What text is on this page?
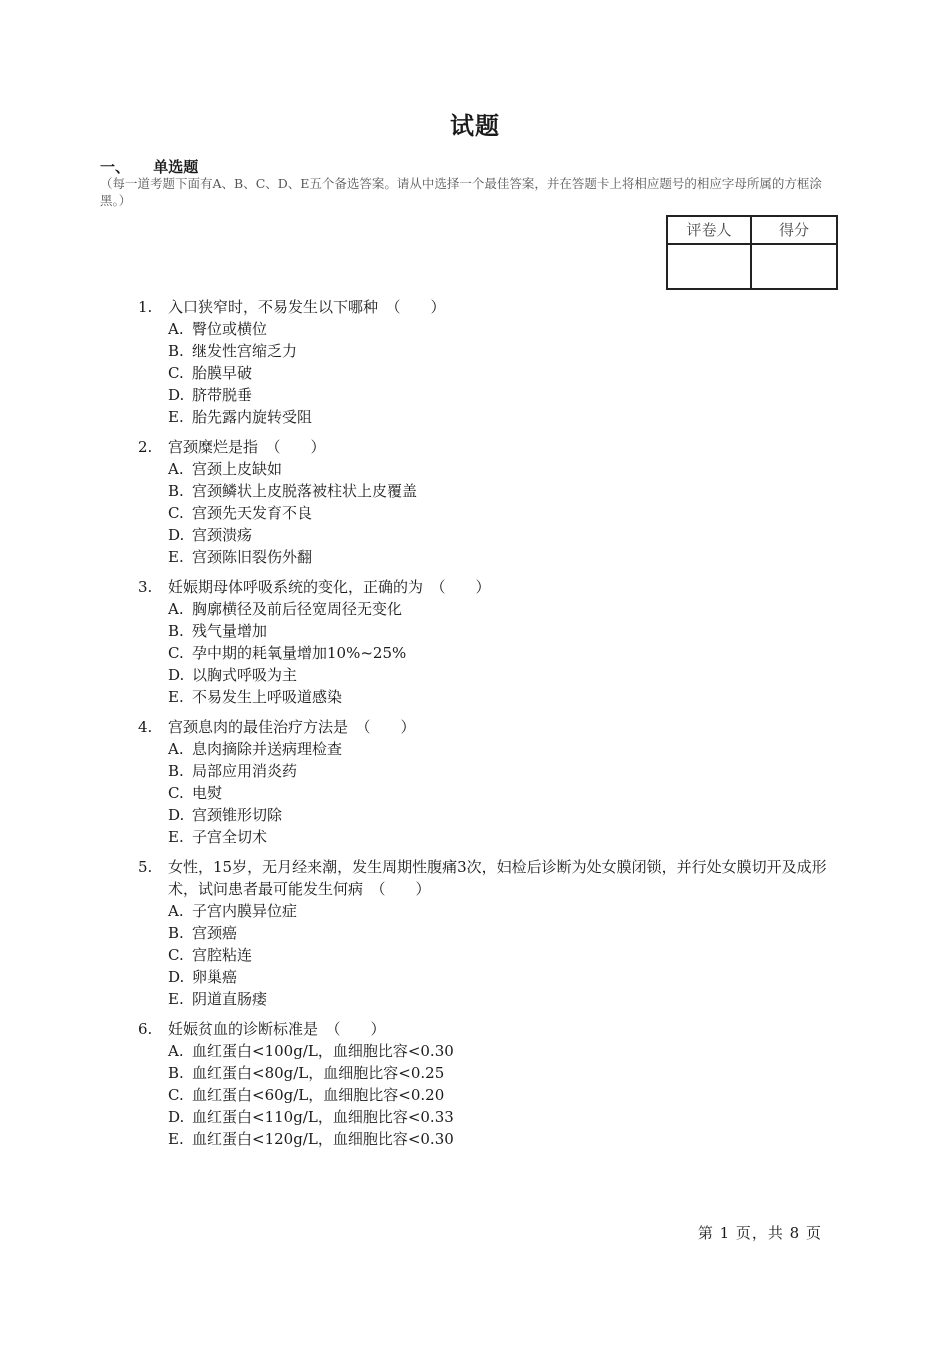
试题
一、 单选题
（每一道考题下面有A、B、C、D、E五个备选答案。请从中选择一个最佳答案，并在答题卡上将相应题号的相应字母所属的方框涂黑。）
评卷人	得分
1.	入口狭窄时，不易发生以下哪种　（　　）
A. 臀位或横位
B. 继发性宫缩乏力
C. 胎膜早破
D. 脐带脱垂
E. 胎先露内旋转受阻
2.	宫颈糜烂是指　（　　）
A. 宫颈上皮缺如
B. 宫颈鳞状上皮脱落被柱状上皮覆盖
C. 宫颈先天发育不良
D. 宫颈溃疡
E. 宫颈陈旧裂伤外翻
3.	妊娠期母体呼吸系统的变化，正确的为　（　　）
A. 胸廓横径及前后径宽周径无变化
B. 残气量增加
C. 孕中期的耗氧量增加10%~25%
D. 以胸式呼吸为主
E. 不易发生上呼吸道感染
4.	宫颈息肉的最佳治疗方法是　（　　）
A. 息肉摘除并送病理检查
B. 局部应用消炎药
C. 电熨
D. 宫颈锥形切除
E. 子宫全切术
5.	女性，15岁，无月经来潮，发生周期性腹痛3次，妇检后诊断为处女膜闭锁，并行处女膜切开及成形术，试问患者最可能发生何病　（　　）
A. 子宫内膜异位症
B. 宫颈癌
C. 宫腔粘连
D. 卵巢癌
E. 阴道直肠瘘
6.	妊娠贫血的诊断标准是　（　　）
A. 血红蛋白<100g/L，血细胞比容<0.30
B. 血红蛋白<80g/L，血细胞比容<0.25
C. 血红蛋白<60g/L，血细胞比容<0.20
D. 血红蛋白<110g/L，血细胞比容<0.33
E. 血红蛋白<120g/L，血细胞比容<0.30
第 1 页，共 8 页
